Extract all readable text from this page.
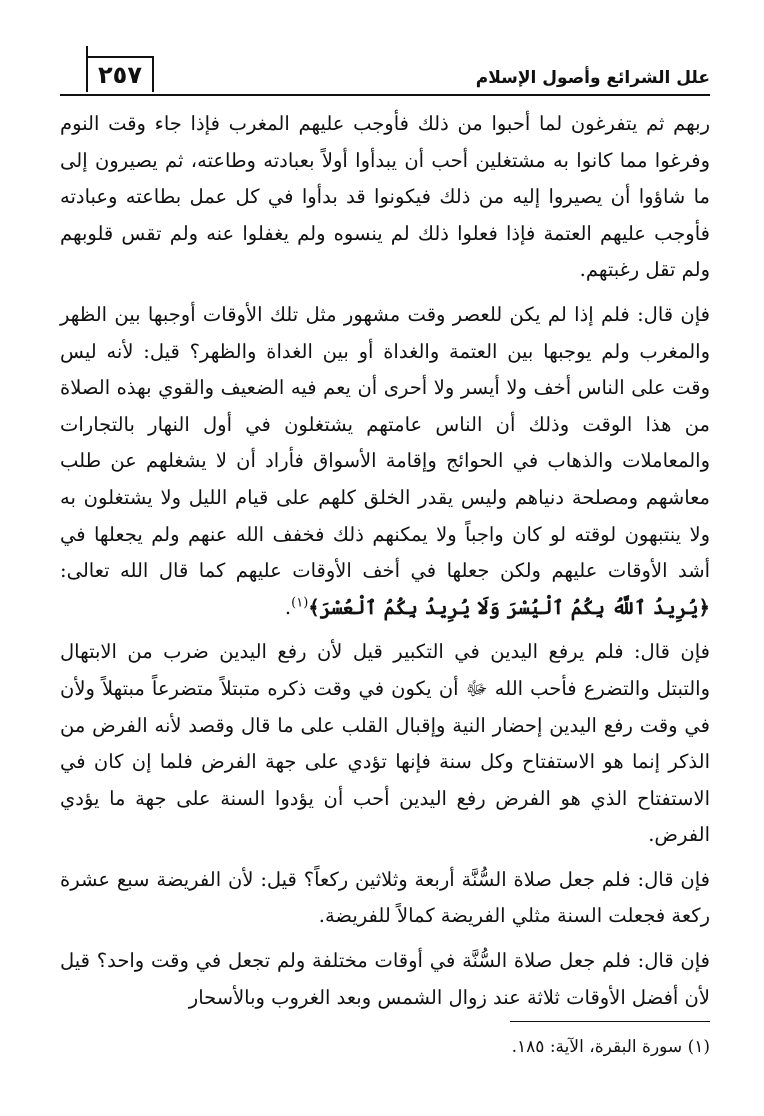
علل الشرائع وأصول الإسلام
٢٥٧

ربهم ثم يتفرغون لما أحبوا من ذلك فأوجب عليهم المغرب فإذا جاء وقت النوم وفرغوا مما كانوا به مشتغلين أحب أن يبدأوا أولاً بعبادته وطاعته، ثم يصيرون إلى ما شاؤوا أن يصيروا إليه من ذلك فيكونوا قد بدأوا في كل عمل بطاعته وعبادته فأوجب عليهم العتمة فإذا فعلوا ذلك لم ينسوه ولم يغفلوا عنه ولم تقس قلوبهم ولم تقل رغبتهم.

فإن قال: فلم إذا لم يكن للعصر وقت مشهور مثل تلك الأوقات أوجبها بين الظهر والمغرب ولم يوجبها بين العتمة والغداة أو بين الغداة والظهر؟ قيل: لأنه ليس وقت على الناس أخف ولا أيسر ولا أحرى أن يعم فيه الضعيف والقوي بهذه الصلاة من هذا الوقت وذلك أن الناس عامتهم يشتغلون في أول النهار بالتجارات والمعاملات والذهاب في الحوائج وإقامة الأسواق فأراد أن لا يشغلهم عن طلب معاشهم ومصلحة دنياهم وليس يقدر الخلق كلهم على قيام الليل ولا يشتغلون به ولا ينتبهون لوقته لو كان واجباً ولا يمكنهم ذلك فخفف الله عنهم ولم يجعلها في أشد الأوقات عليهم ولكن جعلها في أخف الأوقات عليهم كما قال الله تعالى: ﴿يُرِيدُ ٱللَّهُ بِكُمُ ٱلْيُسْرَ وَلَا يُرِيدُ بِكُمُ ٱلْعُسْرَ﴾$^{(١)}$.

فإن قال: فلم يرفع اليدين في التكبير قيل لأن رفع اليدين ضرب من الابتهال والتبتل والتضرع فأحب الله ﷻ أن يكون في وقت ذكره متبتلاً متضرعاً مبتهلاً ولأن في وقت رفع اليدين إحضار النية وإقبال القلب على ما قال وقصد لأنه الفرض من الذكر إنما هو الاستفتاح وكل سنة فإنها تؤدي على جهة الفرض فلما إن كان في الاستفتاح الذي هو الفرض رفع اليدين أحب أن يؤدوا السنة على جهة ما يؤدي الفرض.

فإن قال: فلم جعل صلاة السُّنَّة أربعة وثلاثين ركعاً؟ قيل: لأن الفريضة سبع عشرة ركعة فجعلت السنة مثلي الفريضة كمالاً للفريضة.

فإن قال: فلم جعل صلاة السُّنَّة في أوقات مختلفة ولم تجعل في وقت واحد؟ قيل لأن أفضل الأوقات ثلاثة عند زوال الشمس وبعد الغروب وبالأسحار

(١) سورة البقرة، الآية: ١٨٥.
